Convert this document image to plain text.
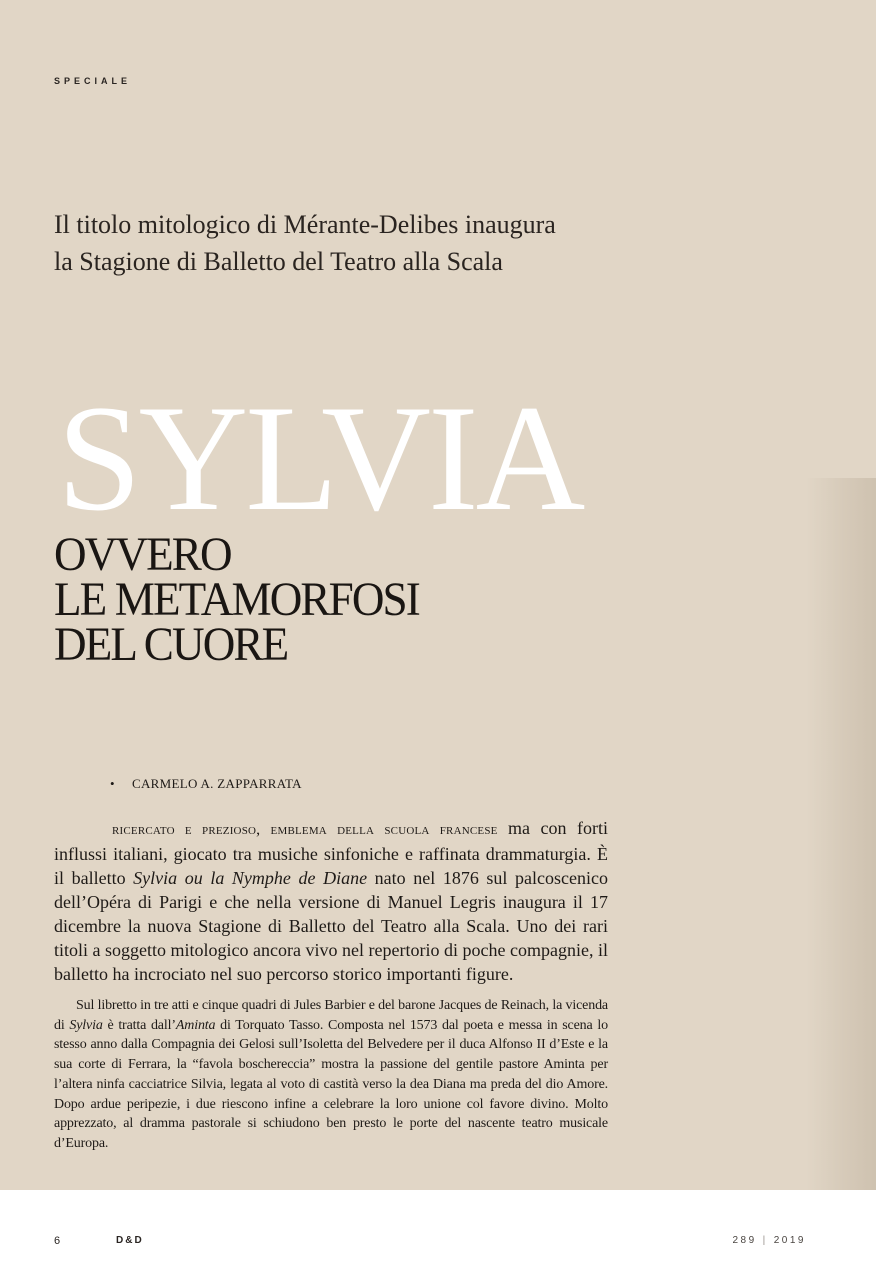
SPECIALE
Il titolo mitologico di Mérante-Delibes inaugura
la Stagione di Balletto del Teatro alla Scala
SYLVIA
OVVERO
LE METAMORFOSI
DEL CUORE
• CARMELO A. ZAPPARRATA

ricercato e prezioso, emblema della scuola francese ma con forti influssi italiani, giocato tra musiche sinfoniche e raffinata drammaturgia. È il balletto Sylvia ou la Nymphe de Diane nato nel 1876 sul palcoscenico dell’Opéra di Parigi e che nella versione di Manuel Legris inaugura il 17 dicembre la nuova Stagione di Balletto del Teatro alla Scala. Uno dei rari titoli a soggetto mitologico ancora vivo nel repertorio di poche compagnie, il balletto ha incrociato nel suo percorso storico importanti figure.

Sul libretto in tre atti e cinque quadri di Jules Barbier e del barone Jacques de Reinach, la vicenda di Sylvia è tratta dall’Aminta di Torquato Tasso. Composta nel 1573 dal poeta e messa in scena lo stesso anno dalla Compagnia dei Gelosi sull’Isoletta del Belvedere per il duca Alfonso II d’Este e la sua corte di Ferrara, la “favola boschereccia” mostra la passione del gentile pastore Aminta per l’altera ninfa cacciatrice Silvia, legata al voto di castità verso la dea Diana ma preda del dio Amore. Dopo ardue peripezie, i due riescono infine a celebrare la loro unione col favore divino. Molto apprezzato, al dramma pastorale si schiudono ben presto le porte del nascente teatro musicale d’Europa.

6	D&D	289 | 2019
